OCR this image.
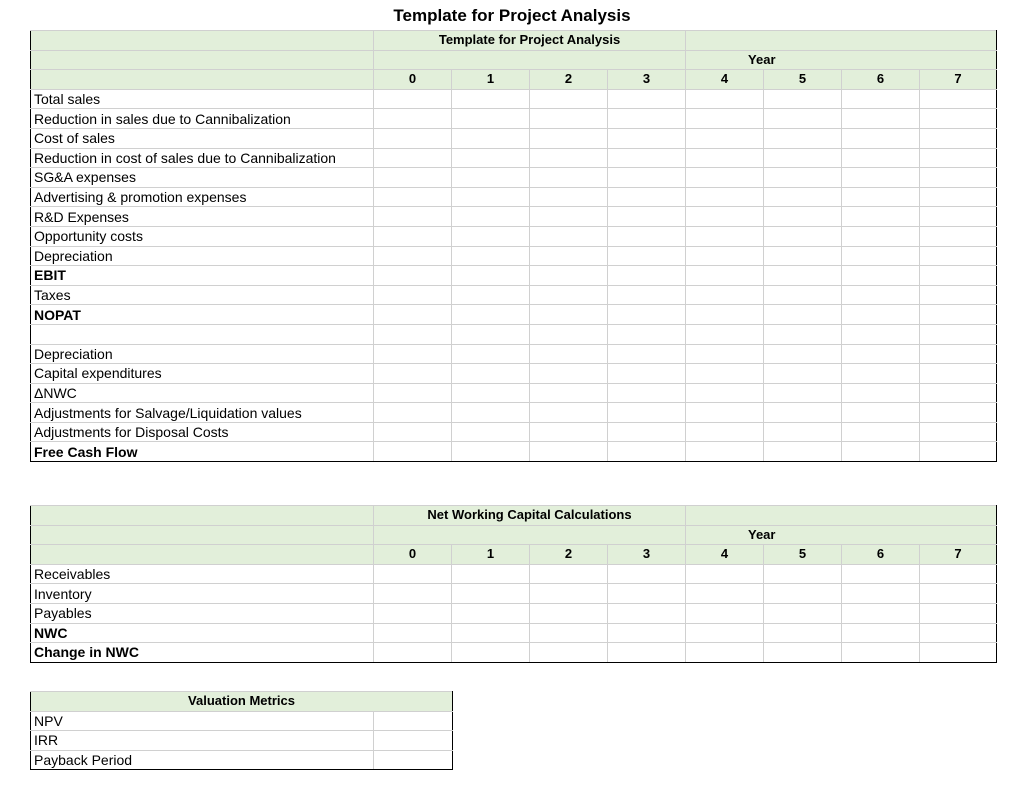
Template for Project Analysis
	Template for Project Analysis							
					Year			
	0	1	2	3	4	5	6	7
Total sales								
Reduction in sales due to Cannibalization								
Cost of sales								
Reduction in cost of sales due to Cannibalization								
SG&A expenses								
Advertising & promotion expenses								
R&D Expenses								
Opportunity costs								
Depreciation								
EBIT								
Taxes								
NOPAT								

Depreciation								
Capital expenditures								
ΔNWC								
Adjustments for Salvage/Liquidation values								
Adjustments for Disposal Costs								
Free Cash Flow								
	Net Working Capital Calculations							
					Year			
	0	1	2	3	4	5	6	7
Receivables								
Inventory								
Payables								
NWC								
Change in NWC								
Valuation Metrics	
NPV	
IRR	
Payback Period	
